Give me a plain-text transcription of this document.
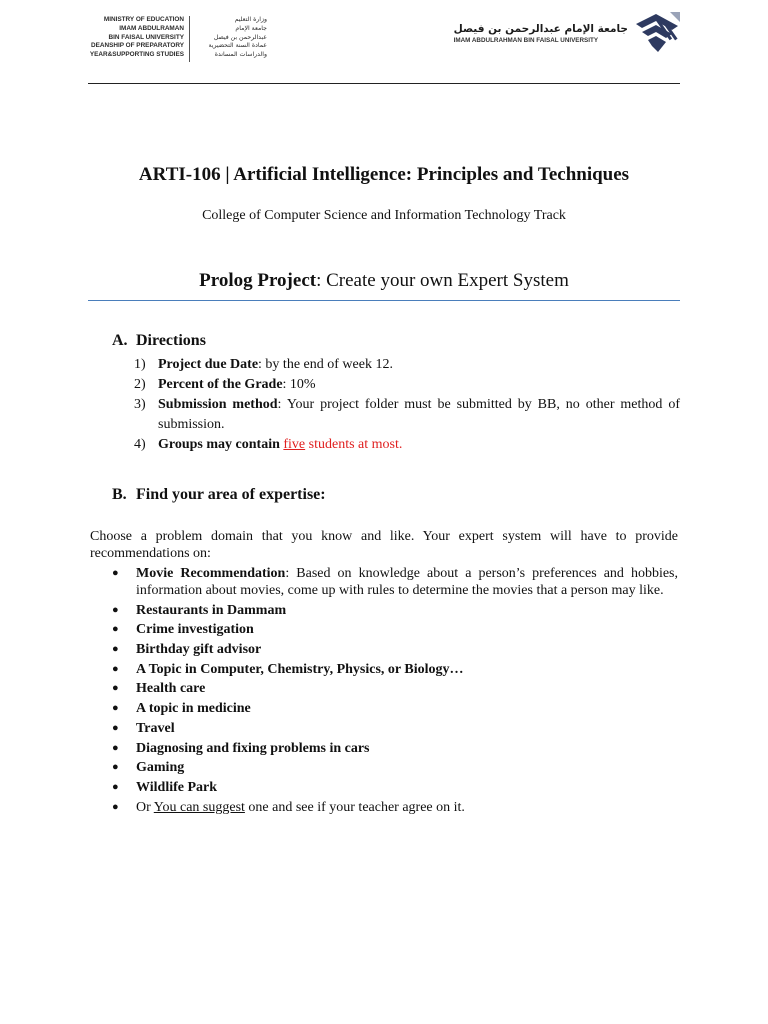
MINISTRY OF EDUCATION
IMAM ABDULRAMAN
BIN FAISAL UNIVERSITY
DEANSHIP OF PREPARATORY
YEAR&SUPPORTING STUDIES
وزارة التعليم
جامعة الإمام
عبدالرحمن بن فيصل
عمادة السنة التحضيرية
والدراسات المساندة
جامعة الإمام عبدالرحمن بن فيصل
IMAM ABDULRAHMAN BIN FAISAL UNIVERSITY
ARTI-106 | Artificial Intelligence: Principles and Techniques
College of Computer Science and Information Technology Track
Prolog Project: Create your own Expert System
A. Directions
1) Project due Date: by the end of week 12.
2) Percent of the Grade: 10%
3) Submission method: Your project folder must be submitted by BB, no other method of submission.
4) Groups may contain five students at most.
B. Find your area of expertise:
Choose a problem domain that you know and like. Your expert system will have to provide recommendations on:
●	Movie Recommendation: Based on knowledge about a person’s preferences and hobbies, information about movies, come up with rules to determine the movies that a person may like.
●	Restaurants in Dammam
●	Crime investigation
●	Birthday gift advisor
●	A Topic in Computer, Chemistry, Physics, or Biology…
●	Health care
●	A topic in medicine
●	Travel
●	Diagnosing and fixing problems in cars
●	Gaming
●	Wildlife Park
●	Or You can suggest one and see if your teacher agree on it.
